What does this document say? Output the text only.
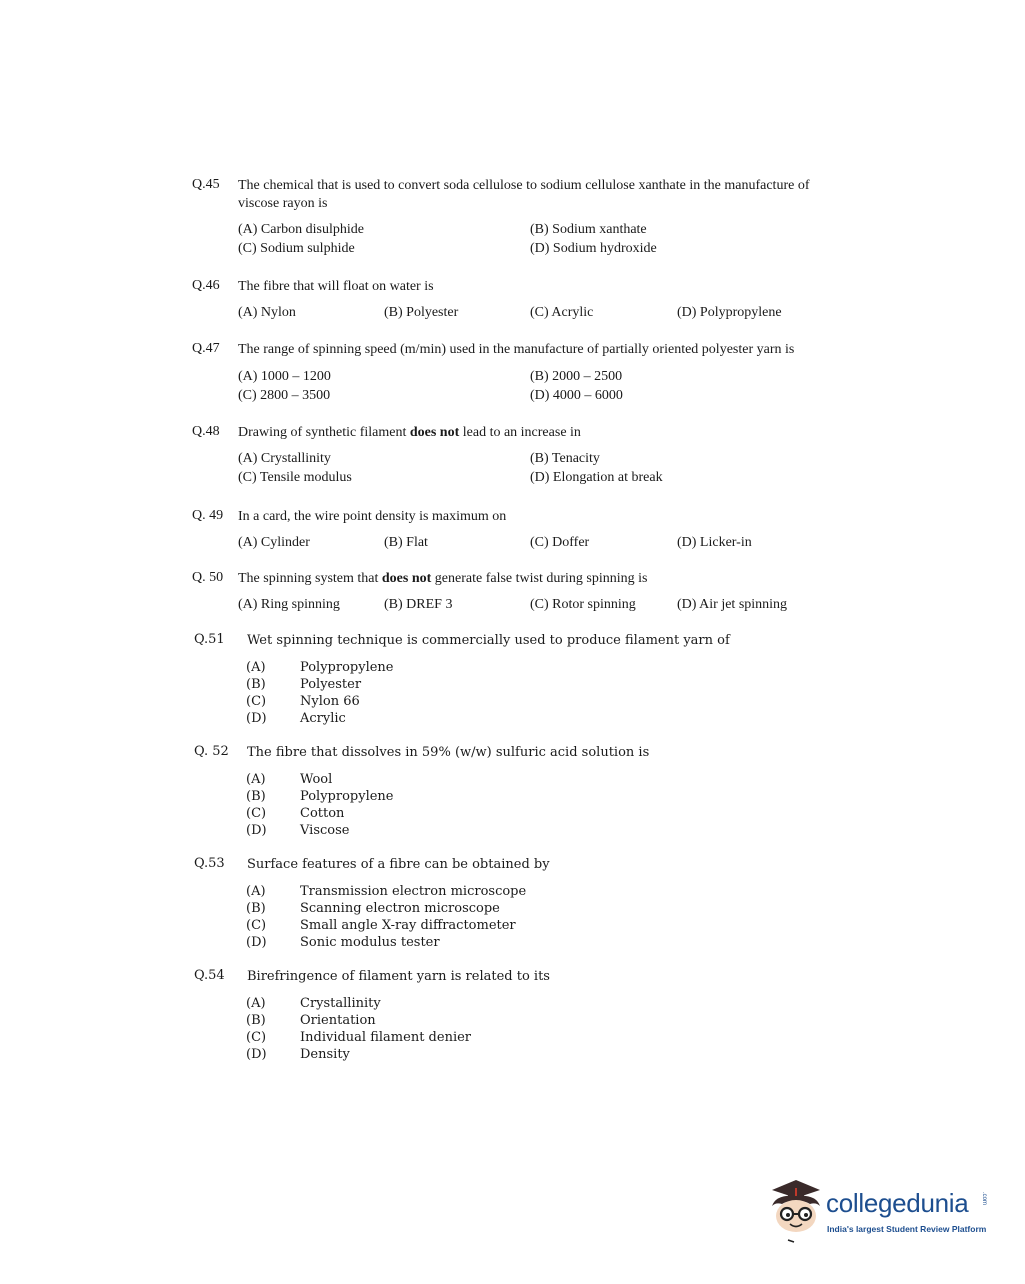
Q.45 The chemical that is used to convert soda cellulose to sodium cellulose xanthate in the manufacture of viscose rayon is
(A) Carbon disulphide	(B) Sodium xanthate
(C) Sodium sulphide	(D) Sodium hydroxide
Q.46 The fibre that will float on water is
(A) Nylon	(B) Polyester	(C) Acrylic	(D) Polypropylene
Q.47 The range of spinning speed (m/min) used in the manufacture of partially oriented polyester yarn is
(A) 1000 – 1200	(B) 2000 – 2500
(C) 2800 – 3500	(D) 4000 – 6000
Q.48 Drawing of synthetic filament does not lead to an increase in
(A) Crystallinity	(B) Tenacity
(C) Tensile modulus	(D) Elongation at break
Q. 49 In a card, the wire point density is maximum on
(A) Cylinder	(B) Flat	(C) Doffer	(D) Licker-in
Q. 50 The spinning system that does not generate false twist during spinning is
(A) Ring spinning	(B) DREF 3	(C) Rotor spinning	(D) Air jet spinning
Q.51 Wet spinning technique is commercially used to produce filament yarn of
(A)	Polypropylene
(B)	Polyester
(C)	Nylon 66
(D)	Acrylic
Q. 52 The fibre that dissolves in 59% (w/w) sulfuric acid solution is
(A)	Wool
(B)	Polypropylene
(C)	Cotton
(D)	Viscose
Q.53 Surface features of a fibre can be obtained by
(A)	Transmission electron microscope
(B)	Scanning electron microscope
(C)	Small angle X-ray diffractometer
(D)	Sonic modulus tester
Q.54 Birefringence of filament yarn is related to its
(A)	Crystallinity
(B)	Orientation
(C)	Individual filament denier
(D)	Density
collegedunia .com
India's largest Student Review Platform
